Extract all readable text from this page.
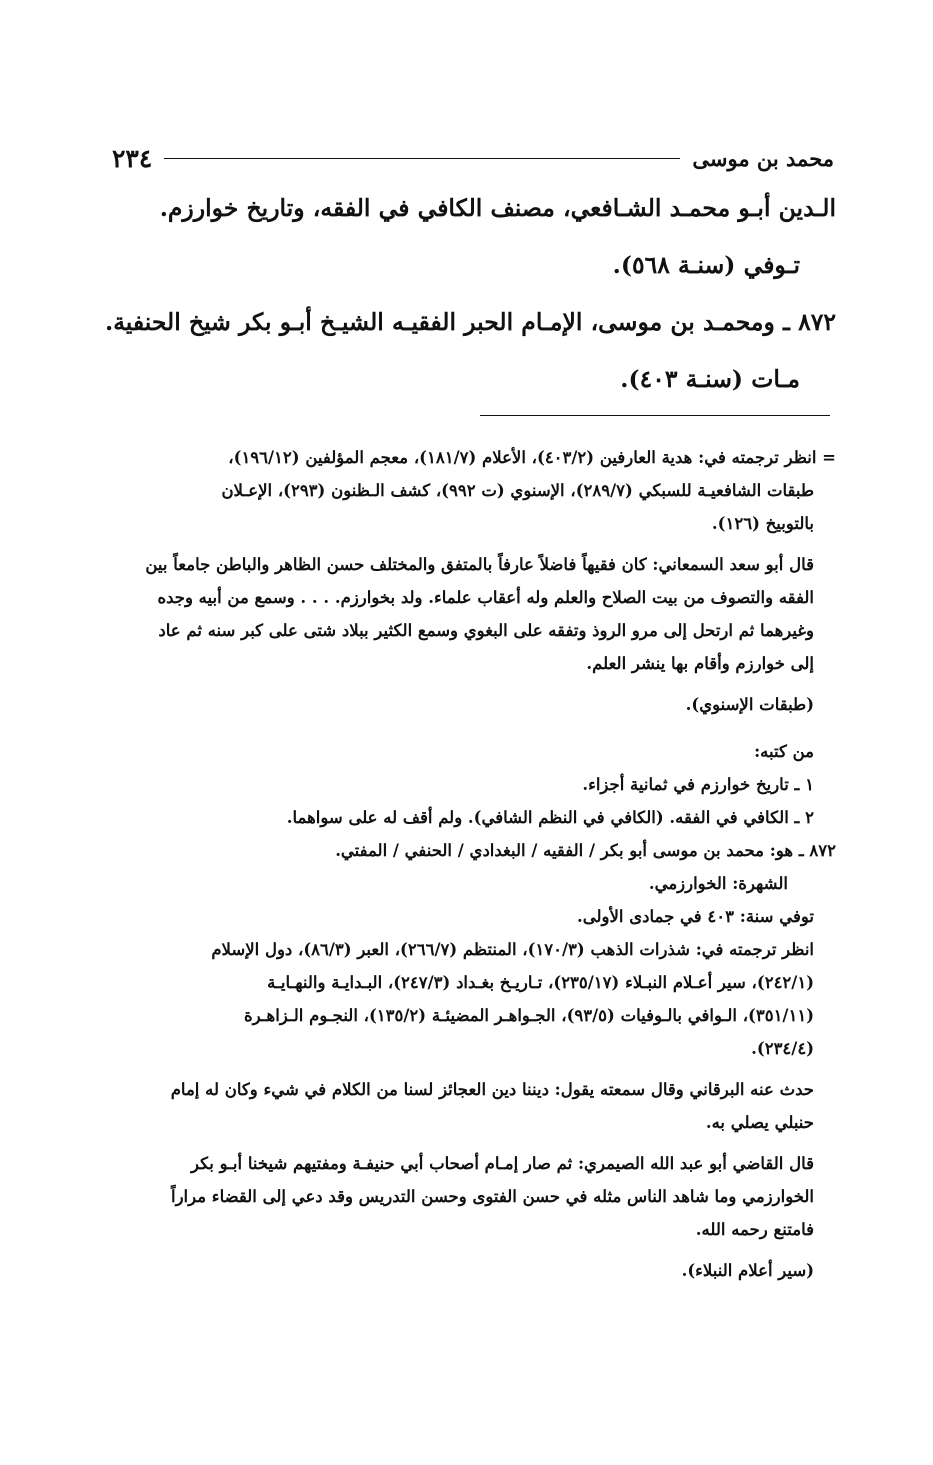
٢٣٤	محمد بن موسى
الـدين أبـو محمـد الشـافعي، مصنف الكافي في الفقه، وتاريخ خوارزم.
تـوفي (سنـة ٥٦٨).
٨٧٢ ـ ومحمـد بن موسى، الإمـام الحبر الفقيـه الشيـخ أبـو بكر شيخ الحنفية.
مـات (سنـة ٤٠٣).
= انظر ترجمته في: هدية العارفين (٤٠٣/٢)، الأعلام (١٨١/٧)، معجم المؤلفين (١٩٦/١٢)،
طبقات الشافعيـة للسبكي (٢٨٩/٧)، الإسنوي (ت ٩٩٢)، كشف الـظنون (٢٩٣)، الإعـلان
بالتوبيخ (١٢٦).
قال أبو سعد السمعاني: كان فقيهاً فاضلاً عارفاً بالمتفق والمختلف حسن الظاهر والباطن جامعاً بين
الفقه والتصوف من بيت الصلاح والعلم وله أعقاب علماء. ولد بخوارزم. . . . وسمع من أبيه وجده
وغيرهما ثم ارتحل إلى مرو الروذ وتفقه على البغوي وسمع الكثير ببلاد شتى على كبر سنه ثم عاد
إلى خوارزم وأقام بها ينشر العلم.
(طبقات الإسنوي).
من كتبه:
١ ـ تاريخ خوارزم في ثمانية أجزاء.
٢ ـ الكافي في الفقه. (الكافي في النظم الشافي). ولم أقف له على سواهما.
٨٧٢ ـ هو: محمد بن موسى أبو بكر / الفقيه / البغدادي / الحنفي / المفتي.
الشهرة: الخوارزمي.
توفي سنة: ٤٠٣ في جمادى الأولى.
انظر ترجمته في: شذرات الذهب (١٧٠/٣)، المنتظم (٢٦٦/٧)، العبر (٨٦/٣)، دول الإسلام
(٢٤٢/١)، سير أعـلام النبـلاء (٢٣٥/١٧)، تـاريـخ بغـداد (٢٤٧/٣)، البـدايـة والنهـايـة
(٣٥١/١١)، الـوافي بالـوفيات (٩٣/٥)، الجـواهـر المضيئـة (١٣٥/٢)، النجـوم الـزاهـرة
(٢٣٤/٤).
حدث عنه البرقاني وقال سمعته يقول: ديننا دين العجائز لسنا من الكلام في شيء وكان له إمام
حنبلي يصلي به.
قال القاضي أبو عبد الله الصيمري: ثم صار إمـام أصحاب أبي حنيفـة ومفتيهم شيخنا أبـو بكر
الخوارزمي وما شاهد الناس مثله في حسن الفتوى وحسن التدريس وقد دعي إلى القضاء مراراً
فامتنع رحمه الله.
(سير أعلام النبلاء).
